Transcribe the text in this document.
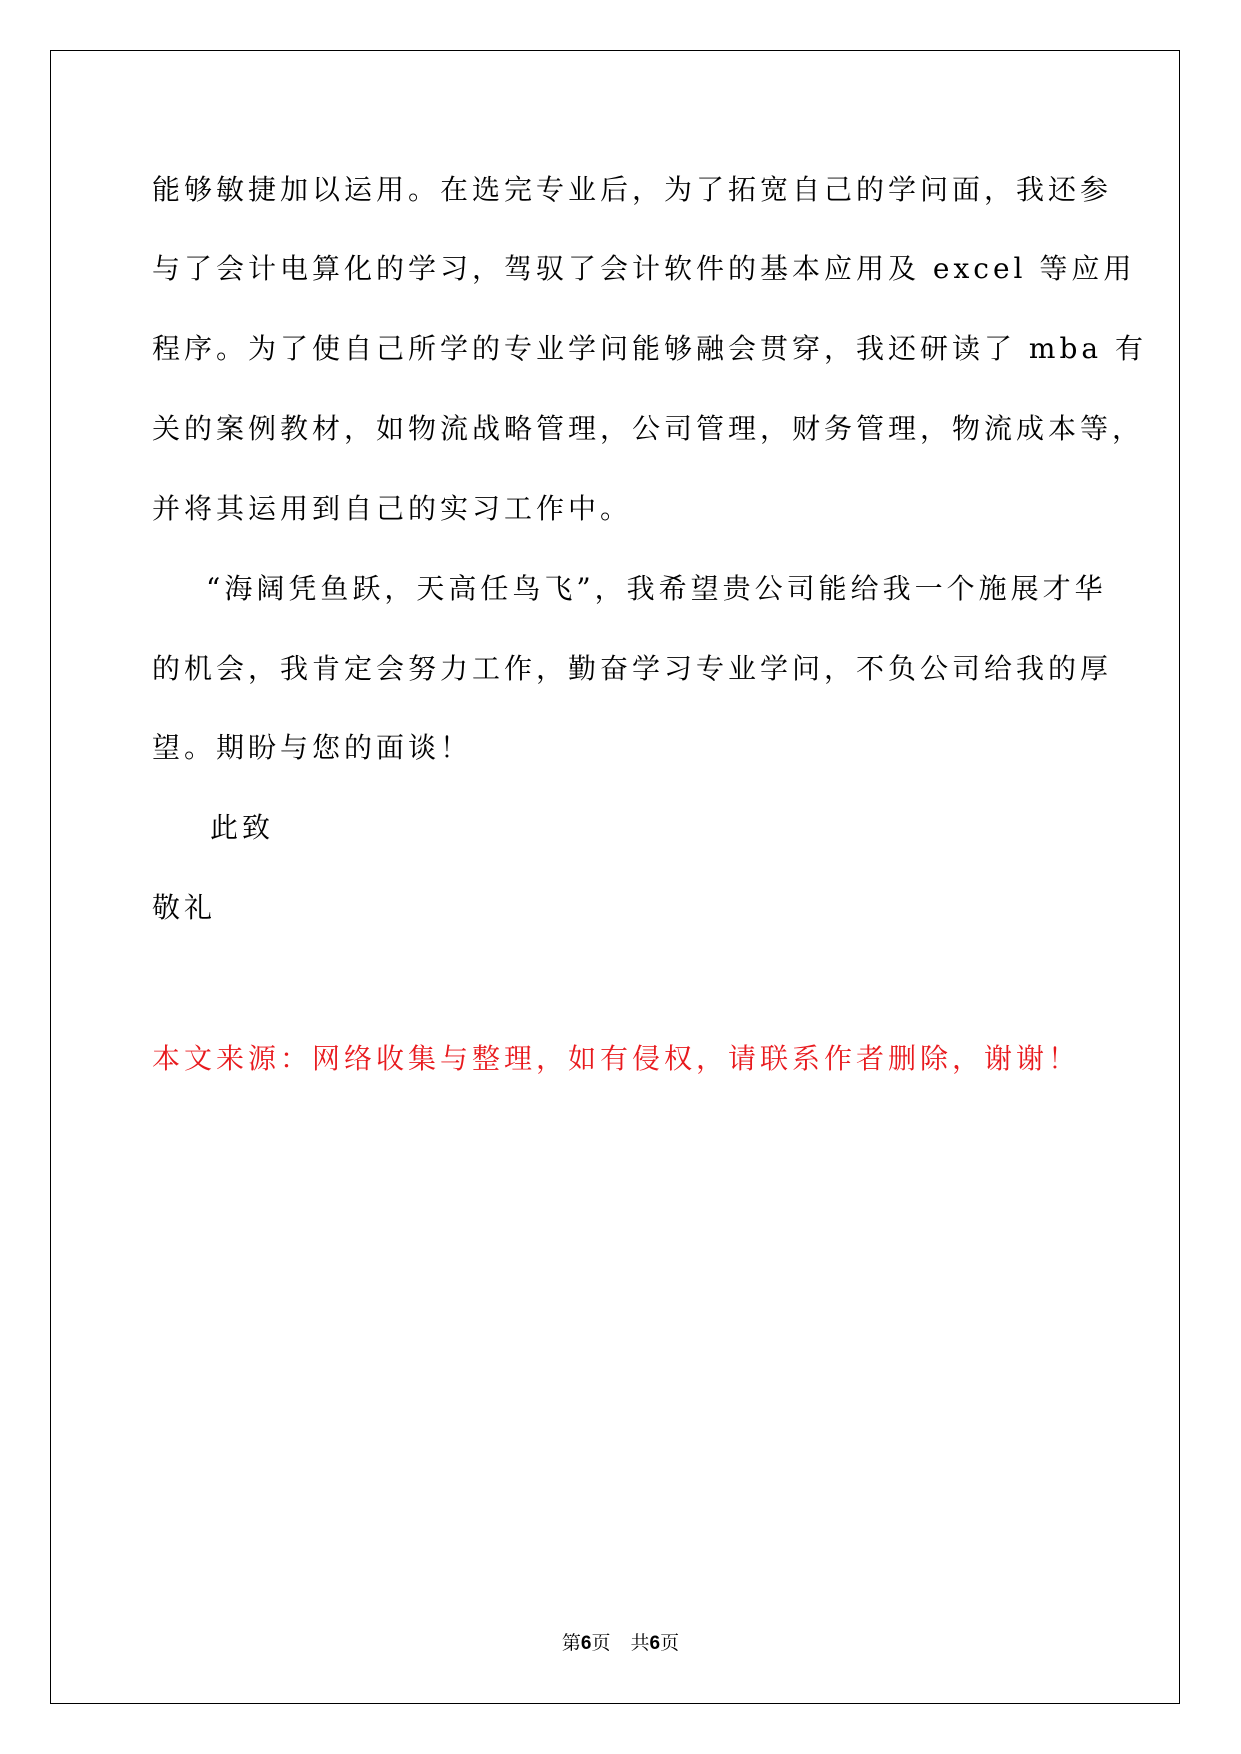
能够敏捷加以运用。在选完专业后，为了拓宽自己的学问面，我还参
与了会计电算化的学习，驾驭了会计软件的基本应用及 excel 等应用
程序。为了使自己所学的专业学问能够融会贯穿，我还研读了 mba 有
关的案例教材，如物流战略管理，公司管理，财务管理，物流成本等，
并将其运用到自己的实习工作中。
“海阔凭鱼跃，天高任鸟飞”，我希望贵公司能给我一个施展才华
的机会，我肯定会努力工作，勤奋学习专业学问，不负公司给我的厚
望。期盼与您的面谈！
此致
敬礼
本文来源：网络收集与整理，如有侵权，请联系作者删除，谢谢！
第6页 共6页
